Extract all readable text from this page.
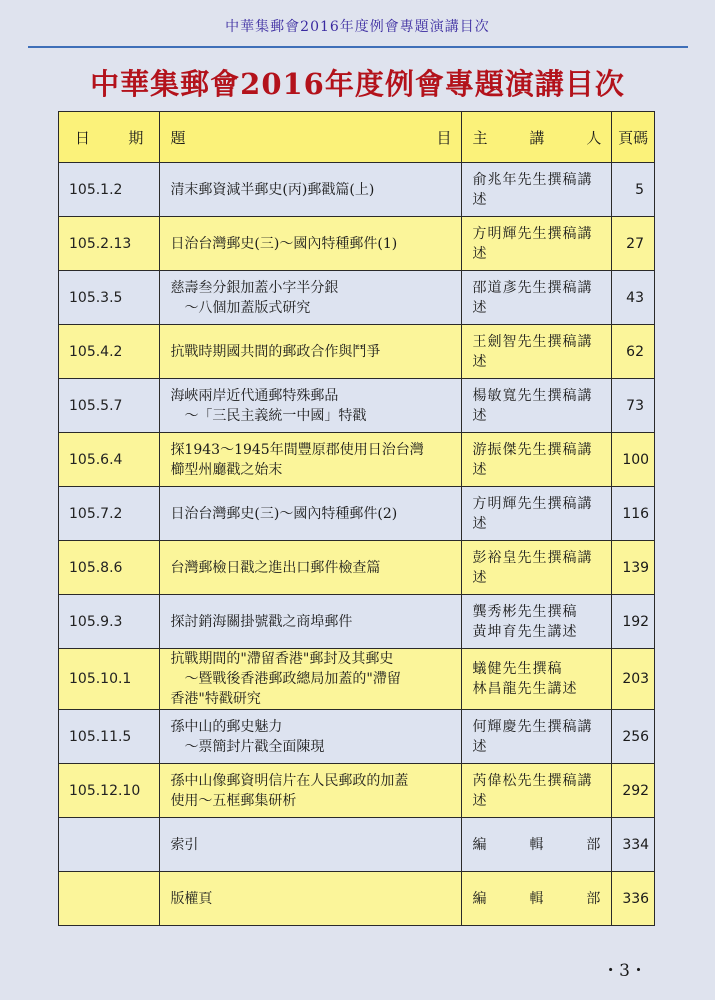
中華集郵會2016年度例會專題演講目次
中華集郵會2016年度例會專題演講目次
日 期	題 目	主 講 人	頁碼
105.1.2	清末郵資減半郵史(丙)郵戳篇(上)	俞兆年先生撰稿講述	5
105.2.13	日治台灣郵史(三)～國內特種郵件(1)	方明輝先生撰稿講述	27
105.3.5	慈壽叁分銀加蓋小字半分銀
～八個加蓋版式研究	邵道彥先生撰稿講述	43
105.4.2	抗戰時期國共間的郵政合作與鬥爭	王劍智先生撰稿講述	62
105.5.7	海峽兩岸近代通郵特殊郵品
～「三民主義統一中國」特戳	楊敏寬先生撰稿講述	73
105.6.4	探1943～1945年間豐原郡使用日治台灣
櫛型州廳戳之始末	游振傑先生撰稿講述	100
105.7.2	日治台灣郵史(三)～國內特種郵件(2)	方明輝先生撰稿講述	116
105.8.6	台灣郵檢日戳之進出口郵件檢查篇	彭裕皇先生撰稿講述	139
105.9.3	探討銷海關掛號戳之商埠郵件	龔秀彬先生撰稿
黃坤育先生講述	192
105.10.1	抗戰期間的"滯留香港"郵封及其郵史
～暨戰後香港郵政總局加蓋的"滯留
香港"特戳研究	蟻健先生撰稿
林昌龍先生講述	203
105.11.5	孫中山的郵史魅力
～票簡封片戳全面陳現	何輝慶先生撰稿講述	256
105.12.10	孫中山像郵資明信片在人民郵政的加蓋
使用～五框郵集研析	芮偉松先生撰稿講述	292

	索引	編 輯 部	334

	版權頁	編 輯 部	336
・3・
